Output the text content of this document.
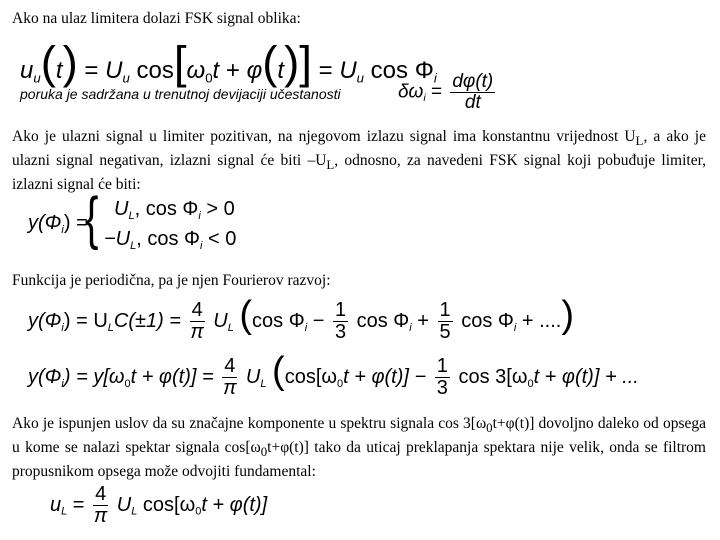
Ako na ulaz limitera dolazi FSK signal oblika:
$u_u(t) = U_u$ $\cos[\omega_0t + \varphi(t)] = U_u$ $\cos \Phi_i$
poruka je sadržana u trenutnoj devijaciji učestanosti	$\delta\omega_i = \frac{d\varphi(t)}{dt}$
Ako je ulazni signal u limiter pozitivan, na njegovom izlazu signal ima konstantnu vrijednost $U_L$, a ako je ulazni signal negativan, izlazni signal će biti $-U_L$, odnosno, za navedeni FSK signal koji pobuđuje limiter, izlazni signal će biti:
$y(\Phi_i)$ =
{ $U_L$, $\cos \Phi_i > 0$
$-U_L$, $\cos \Phi_i < 0$
Funkcija je periodična, pa je njen Fourierov razvoj:
$y(\Phi_i) = U_LC(\pm 1) = \frac{4}{\pi} U_L$ (cos $\Phi_i - \frac{1}{3}$ $\cos \Phi_i + \frac{1}{5}$ $\cos \Phi_i$ + ....)
$y(\Phi_i) = y[\omega_0t + \varphi(t)] = \frac{4}{\pi} U_L$ ($\cos[\omega_0t + \varphi(t)] - \frac{1}{3}$ $\cos 3[\omega_0t + \varphi(t)]$ + ...
Ako je ispunjen uslov da su značajne komponente u spektru signala $\cos 3[\omega_0t+\varphi(t)]$ dovoljno daleko od opsega u kome se nalazi spektar signala $\cos[\omega_0t+\varphi(t)]$ tako da uticaj preklapanja spektara nije velik, onda se filtrom propusnikom opsega može odvojiti fundamental:
$u_L = \frac{4}{\pi} U_L$ $\cos[\omega_0t + \varphi(t)]$
